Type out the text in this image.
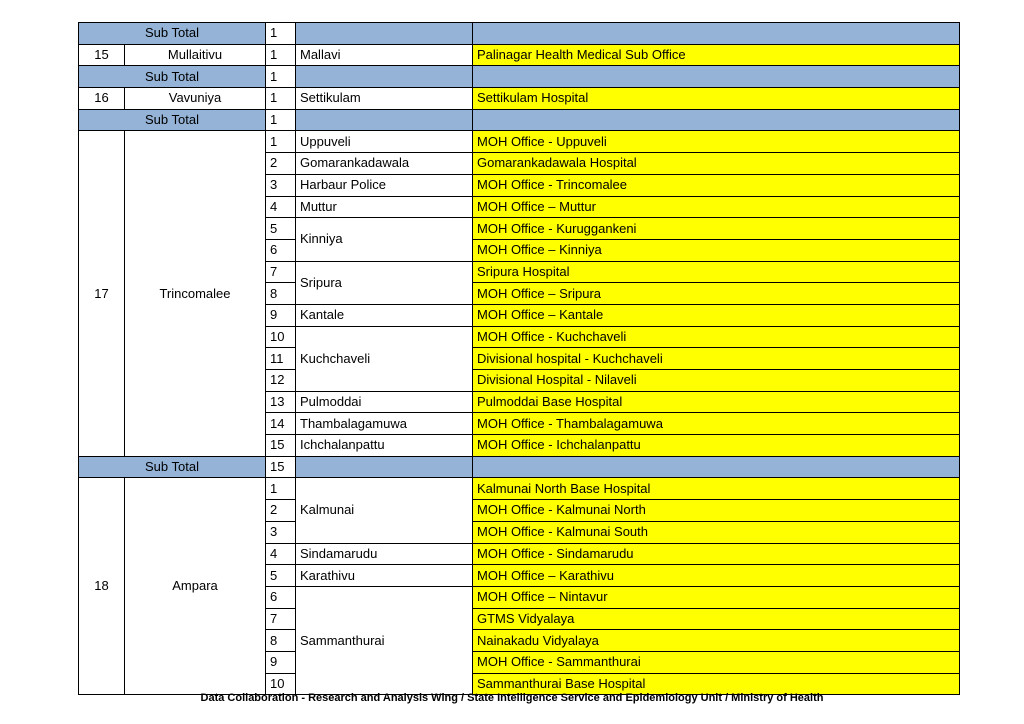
Sub Total		1		
15	Mullaitivu	1	Mallavi	Palinagar Health Medical Sub Office
Sub Total		1		
16	Vavuniya	1	Settikulam	Settikulam Hospital
Sub Total		1		
17	Trincomalee	1	Uppuveli	MOH Office - Uppuveli
		2	Gomarankadawala	Gomarankadawala Hospital
		3	Harbaur Police	MOH Office - Trincomalee
		4	Muttur	MOH Office – Muttur
		5	Kinniya	MOH Office - Kuruggankeni
		6		MOH Office – Kinniya
		7	Sripura	Sripura Hospital
		8		MOH Office – Sripura
		9	Kantale	MOH Office – Kantale
		10	Kuchchaveli	MOH Office - Kuchchaveli
		11		Divisional hospital - Kuchchaveli
		12		Divisional Hospital - Nilaveli
		13	Pulmoddai	Pulmoddai Base Hospital
		14	Thambalagamuwa	MOH Office - Thambalagamuwa
		15	Ichchalanpattu	MOH Office - Ichchalanpattu
Sub Total		15		
18	Ampara	1	Kalmunai	Kalmunai North Base Hospital
		2		MOH Office - Kalmunai North
		3		MOH Office - Kalmunai South
		4	Sindamarudu	MOH Office - Sindamarudu
		5	Karathivu	MOH Office – Karathivu
		6	Sammanthurai	MOH Office – Nintavur
		7		GTMS Vidyalaya
		8		Nainakadu Vidyalaya
		9		MOH Office - Sammanthurai
		10		Sammanthurai Base Hospital
Data Collaboration - Research and Analysis Wing / State Intelligence Service and Epidemiology Unit / Ministry of Health
